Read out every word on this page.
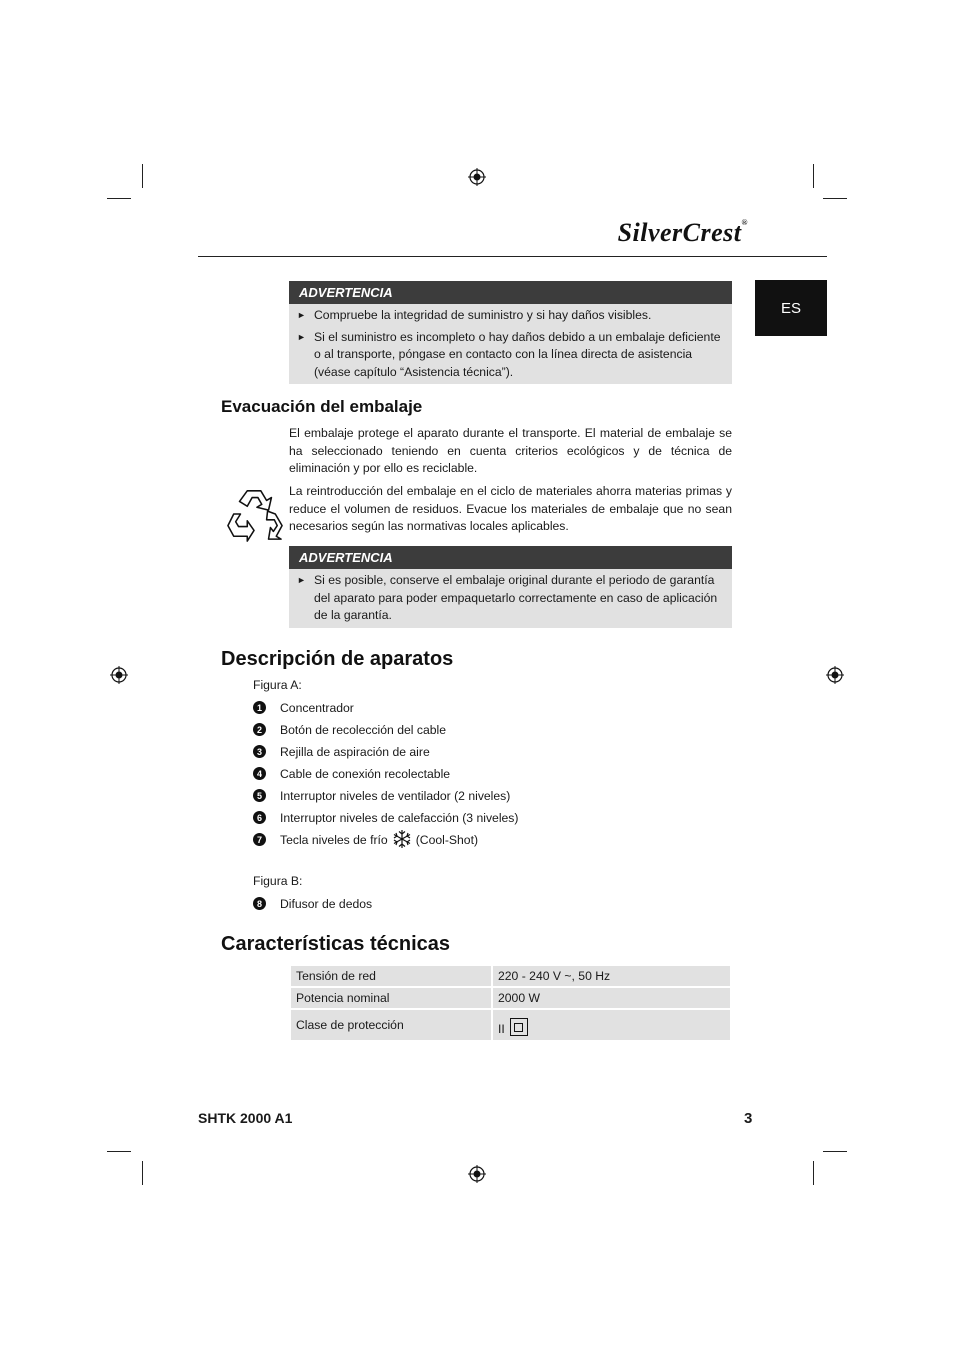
SilverCrest®
ES
ADVERTENCIA
► Compruebe la integridad de suministro y si hay daños visibles.
► Si el suministro es incompleto o hay daños debido a un embalaje deficiente o al transporte, póngase en contacto con la línea directa de asistencia (véase capítulo “Asistencia técnica”).
Evacuación del embalaje
El embalaje protege el aparato durante el transporte. El material de embalaje se ha seleccionado teniendo en cuenta criterios ecológicos y de técnica de eliminación y por ello es reciclable.
La reintroducción del embalaje en el ciclo de materiales ahorra materias primas y reduce el volumen de residuos. Evacue los materiales de embalaje que no sean necesarios según las normativas locales aplicables.
ADVERTENCIA
► Si es posible, conserve el embalaje original durante el periodo de garantía del aparato para poder empaquetarlo correctamente en caso de aplicación de la garantía.
Descripción de aparatos
Figura A:
1	Concentrador
2	Botón de recolección del cable
3	Rejilla de aspiración de aire
4	Cable de conexión recolectable
5	Interruptor niveles de ventilador (2 niveles)
6	Interruptor niveles de calefacción (3 niveles)
7	Tecla niveles de frío (Cool-Shot)
Figura B:
8	Difusor de dedos
Características técnicas
Tensión de red	220 - 240 V ~, 50 Hz
Potencia nominal	2000 W
Clase de protección	II
SHTK 2000 A1	3
